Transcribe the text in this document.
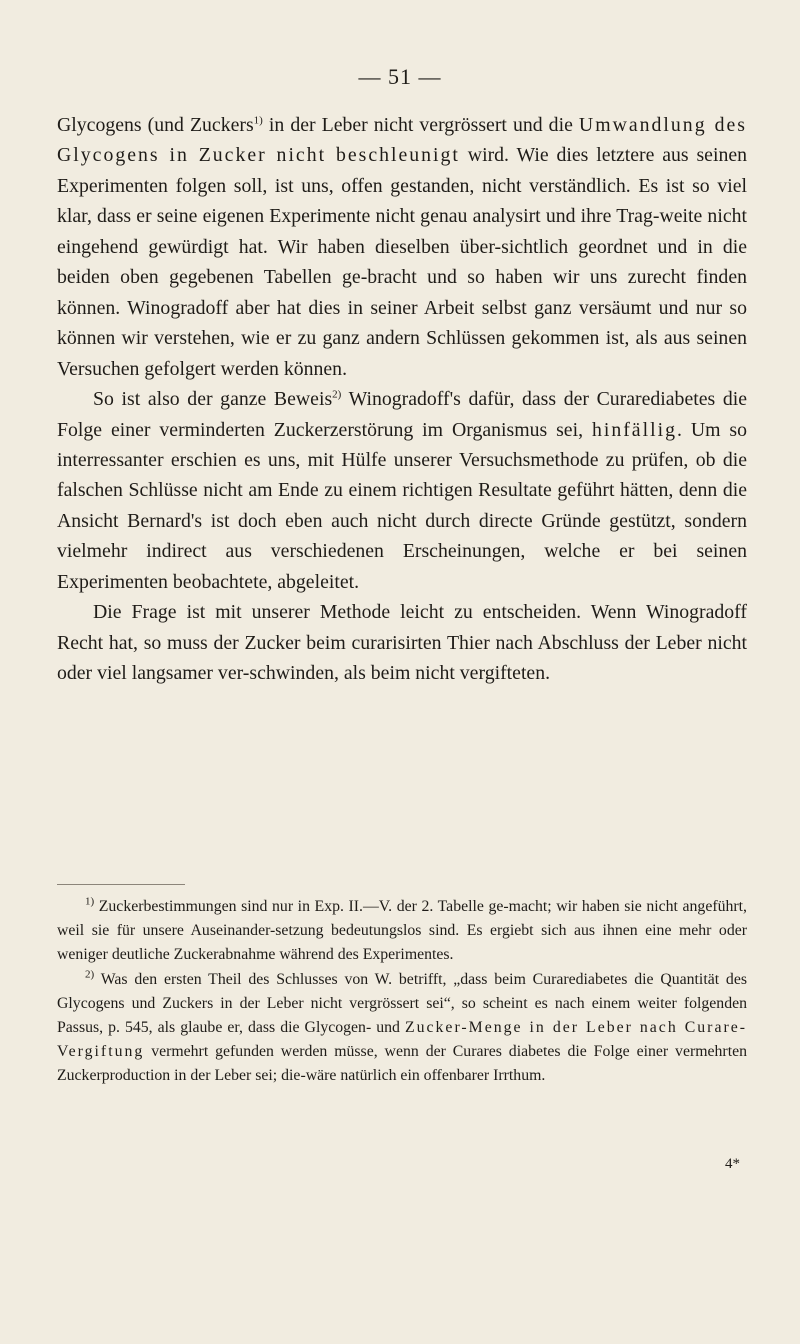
— 51 —

Glycogens (und Zuckers$^{1)}$ in der Leber nicht vergrössert und die Umwandlung des Glycogens in Zucker nicht beschleunigt wird. Wie dies letztere aus seinen Experimenten folgen soll, ist uns, offen gestanden, nicht verständlich. Es ist so viel klar, dass er seine eigenen Experimente nicht genau analysirt und ihre Trag-weite nicht eingehend gewürdigt hat. Wir haben dieselben über-sichtlich geordnet und in die beiden oben gegebenen Tabellen ge-bracht und so haben wir uns zurecht finden können. Winogradoff aber hat dies in seiner Arbeit selbst ganz versäumt und nur so können wir verstehen, wie er zu ganz andern Schlüssen gekommen ist, als aus seinen Versuchen gefolgert werden können.

So ist also der ganze Beweis$^{2)}$ Winogradoff's dafür, dass der Curarediabetes die Folge einer verminderten Zuckerzerstörung im Organismus sei, hinfällig. Um so interressanter erschien es uns, mit Hülfe unserer Versuchsmethode zu prüfen, ob die falschen Schlüsse nicht am Ende zu einem richtigen Resultate geführt hätten, denn die Ansicht Bernard's ist doch eben auch nicht durch directe Gründe gestützt, sondern vielmehr indirect aus verschiedenen Erscheinungen, welche er bei seinen Experimenten beobachtete, abgeleitet.

Die Frage ist mit unserer Methode leicht zu entscheiden. Wenn Winogradoff Recht hat, so muss der Zucker beim curarisirten Thier nach Abschluss der Leber nicht oder viel langsamer ver-schwinden, als beim nicht vergifteten.

$^{1)}$ Zuckerbestimmungen sind nur in Exp. II.—V. der 2. Tabelle ge-macht; wir haben sie nicht angeführt, weil sie für unsere Auseinander-setzung bedeutungslos sind. Es ergiebt sich aus ihnen eine mehr oder weniger deutliche Zuckerabnahme während des Experimentes.

$^{2)}$ Was den ersten Theil des Schlusses von W. betrifft, „dass beim Curarediabetes die Quantität des Glycogens und Zuckers in der Leber nicht vergrössert sei“, so scheint es nach einem weiter folgenden Passus, p. 545, als glaube er, dass die Glycogen- und Zucker-Menge in der Leber nach Curare-Vergiftung vermehrt gefunden werden müsse, wenn der Curares diabetes die Folge einer vermehrten Zuckerproduction in der Leber sei; die-wäre natürlich ein offenbarer Irrthum.

4*
